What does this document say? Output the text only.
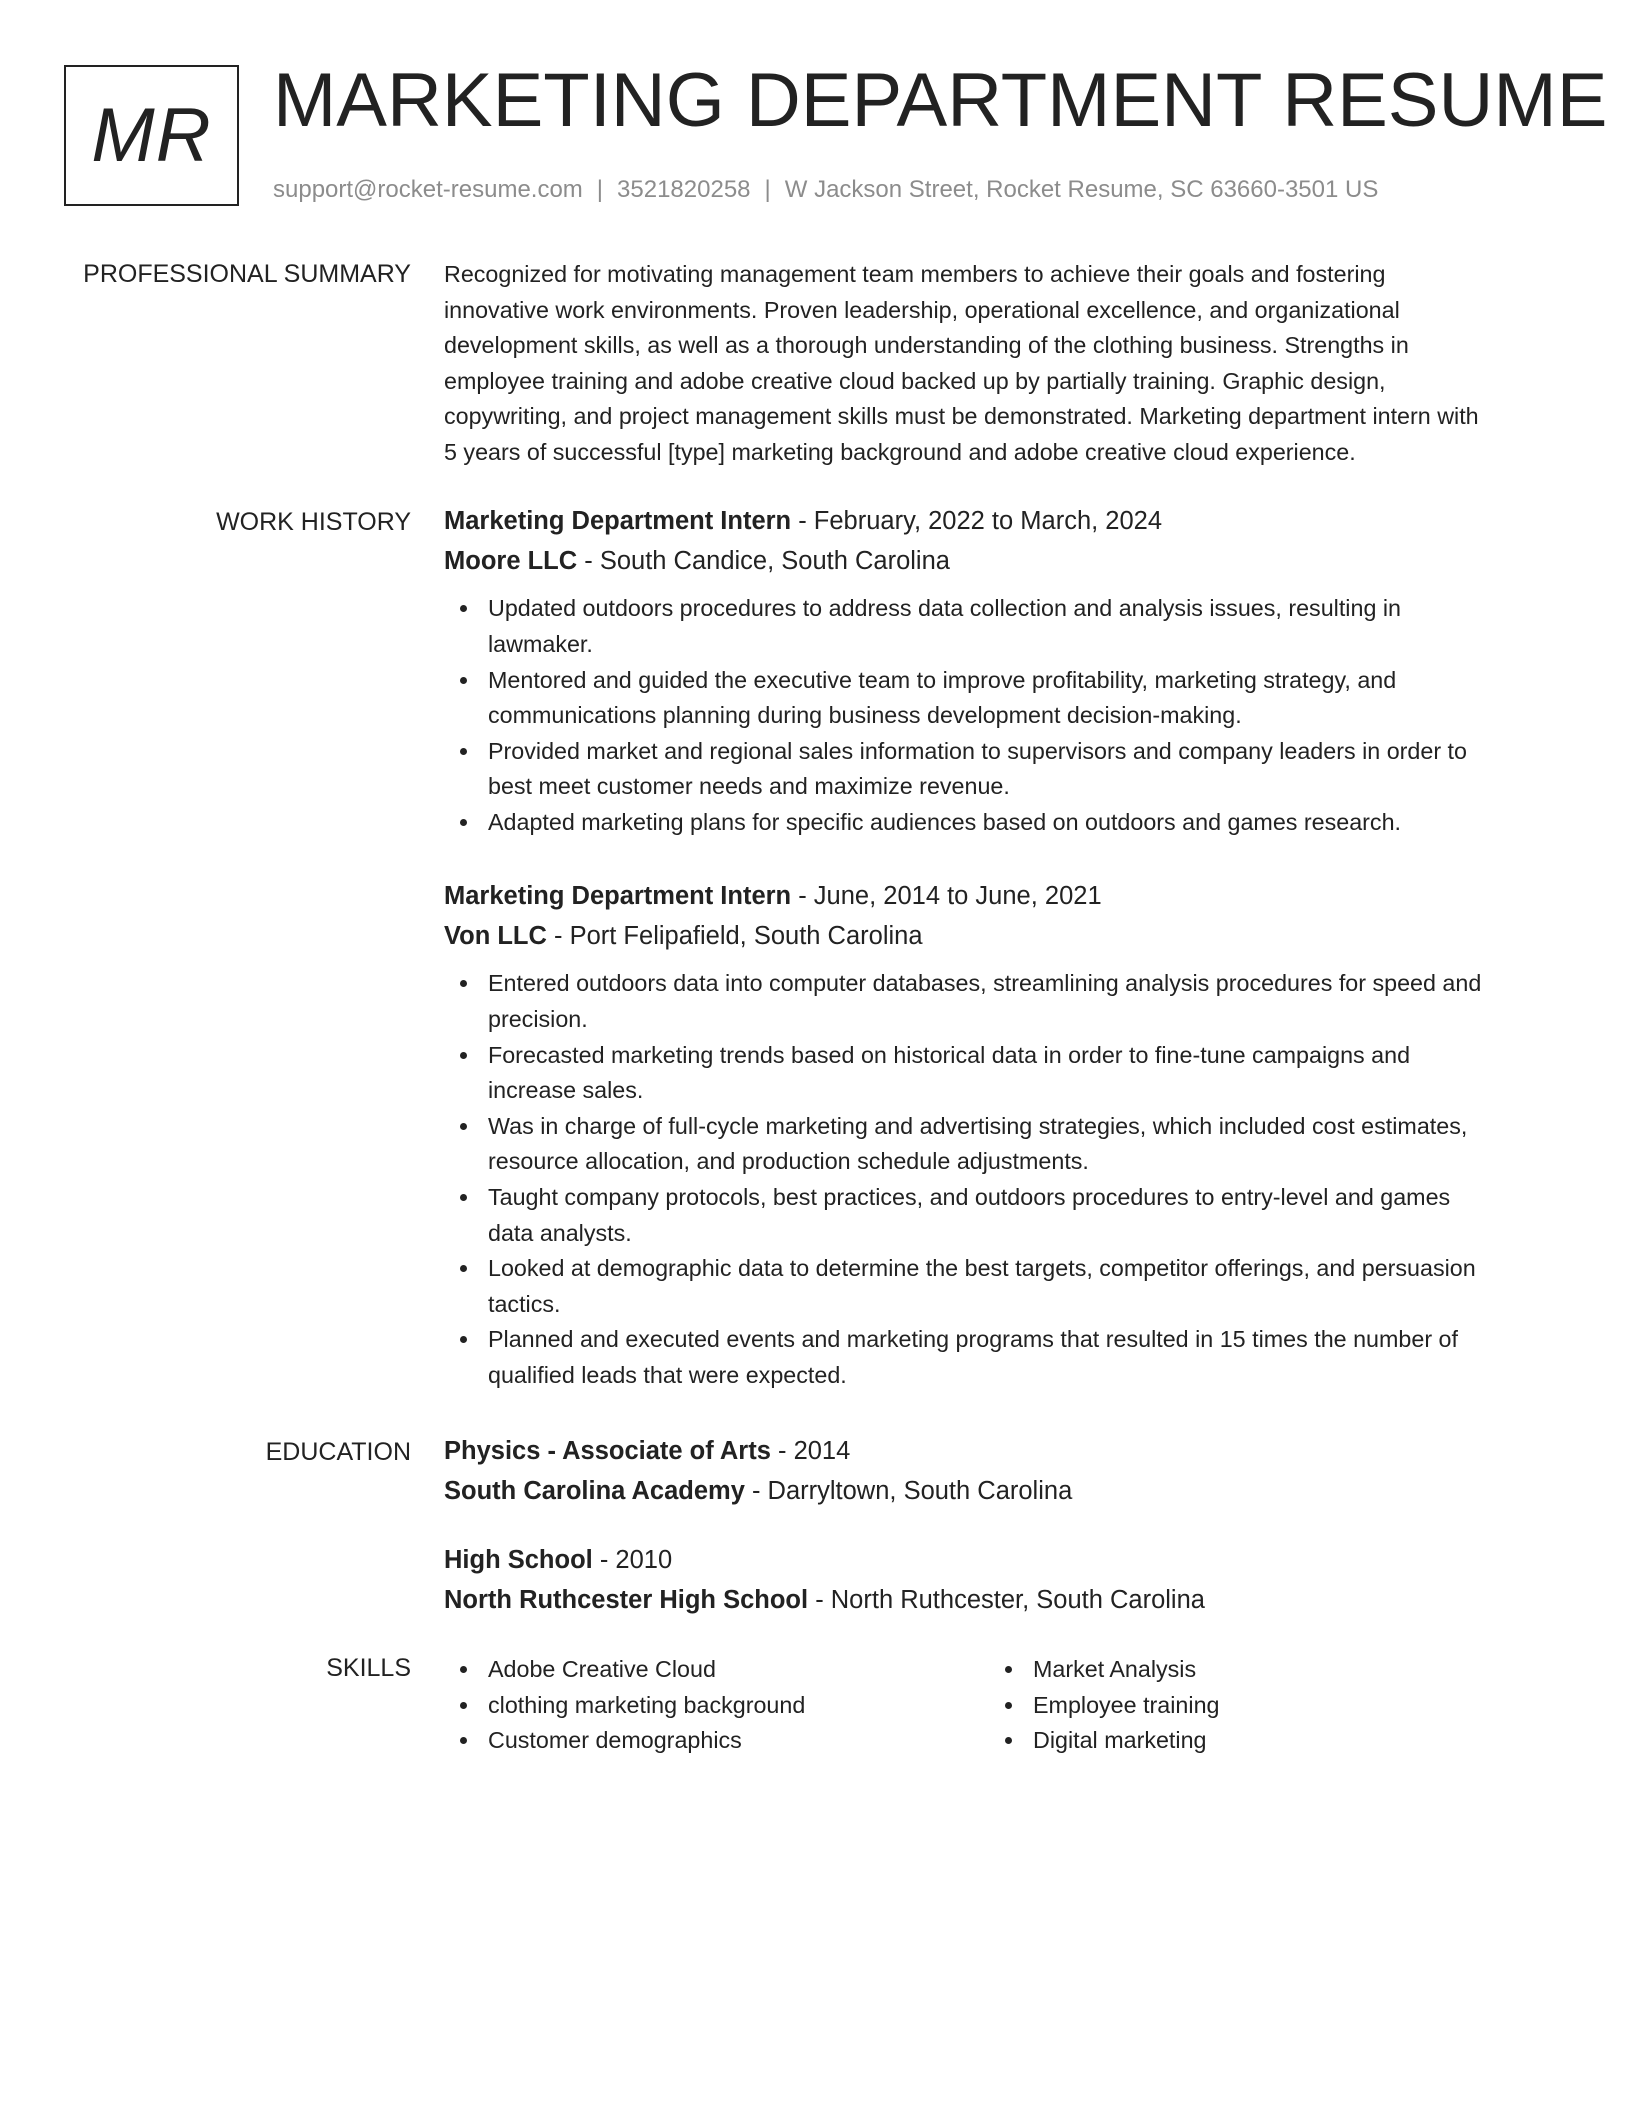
MR MARKETING DEPARTMENT RESUME
support@rocket-resume.com | 3521820258 | W Jackson Street, Rocket Resume, SC 63660-3501 US
PROFESSIONAL SUMMARY Recognized for motivating management team members to achieve their goals and fostering
innovative work environments. Proven leadership, operational excellence, and organizational
development skills, as well as a thorough understanding of the clothing business. Strengths in
employee training and adobe creative cloud backed up by partially training. Graphic design,
copywriting, and project management skills must be demonstrated. Marketing department intern with
5 years of successful [type] marketing background and adobe creative cloud experience.
WORK HISTORY Marketing Department Intern - February, 2022 to March, 2024
Moore LLC - South Candice, South Carolina
Updated outdoors procedures to address data collection and analysis issues, resulting in
lawmaker.
Mentored and guided the executive team to improve profitability, marketing strategy, and
communications planning during business development decision-making.
Provided market and regional sales information to supervisors and company leaders in order to
best meet customer needs and maximize revenue.
Adapted marketing plans for specific audiences based on outdoors and games research.
Marketing Department Intern - June, 2014 to June, 2021
Von LLC - Port Felipafield, South Carolina
Entered outdoors data into computer databases, streamlining analysis procedures for speed and
precision.
Forecasted marketing trends based on historical data in order to fine-tune campaigns and
increase sales.
Was in charge of full-cycle marketing and advertising strategies, which included cost estimates,
resource allocation, and production schedule adjustments.
Taught company protocols, best practices, and outdoors procedures to entry-level and games
data analysts.
Looked at demographic data to determine the best targets, competitor offerings, and persuasion
tactics.
Planned and executed events and marketing programs that resulted in 15 times the number of
qualified leads that were expected.
EDUCATION Physics - Associate of Arts - 2014
South Carolina Academy - Darryltown, South Carolina
High School - 2010
North Ruthcester High School - North Ruthcester, South Carolina
SKILLS	Adobe Creative Cloud
clothing marketing background
Customer demographics
Market Analysis
Employee training
Digital marketing
